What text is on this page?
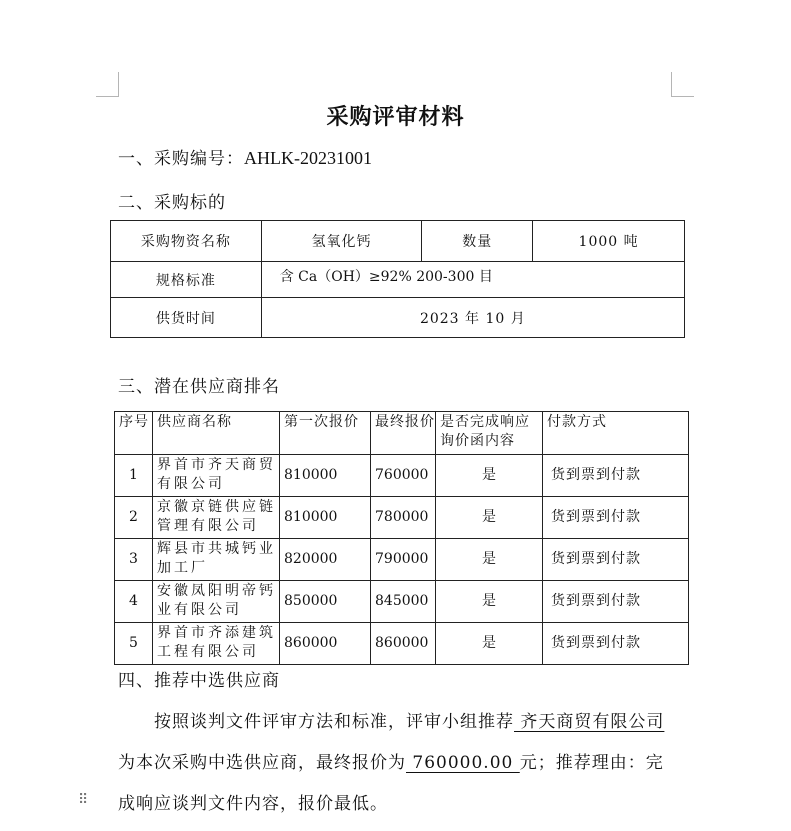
采购评审材料
一、采购编号：AHLK-20231001
二、采购标的
采购物资名称	氢氧化钙	数量	1000 吨
规格标准	含 Ca（OH）≥92% 200-300 目		
供货时间	2023 年 10 月		
三、潜在供应商排名
序号	供应商名称	第一次报价	最终报价	是否完成响应询价函内容	付款方式
1	界首市齐天商贸有限公司	810000	760000	是	货到票到付款
2	京徽京链供应链管理有限公司	810000	780000	是	货到票到付款
3	辉县市共城钙业加工厂	820000	790000	是	货到票到付款
4	安徽凤阳明帝钙业有限公司	850000	845000	是	货到票到付款
5	界首市齐添建筑工程有限公司	860000	860000	是	货到票到付款
四、推荐中选供应商
按照谈判文件评审方法和标准，评审小组推荐 齐天商贸有限公司 为本次采购中选供应商，最终报价为 760000.00 元；推荐理由：完成响应谈判文件内容，报价最低。
⠿
